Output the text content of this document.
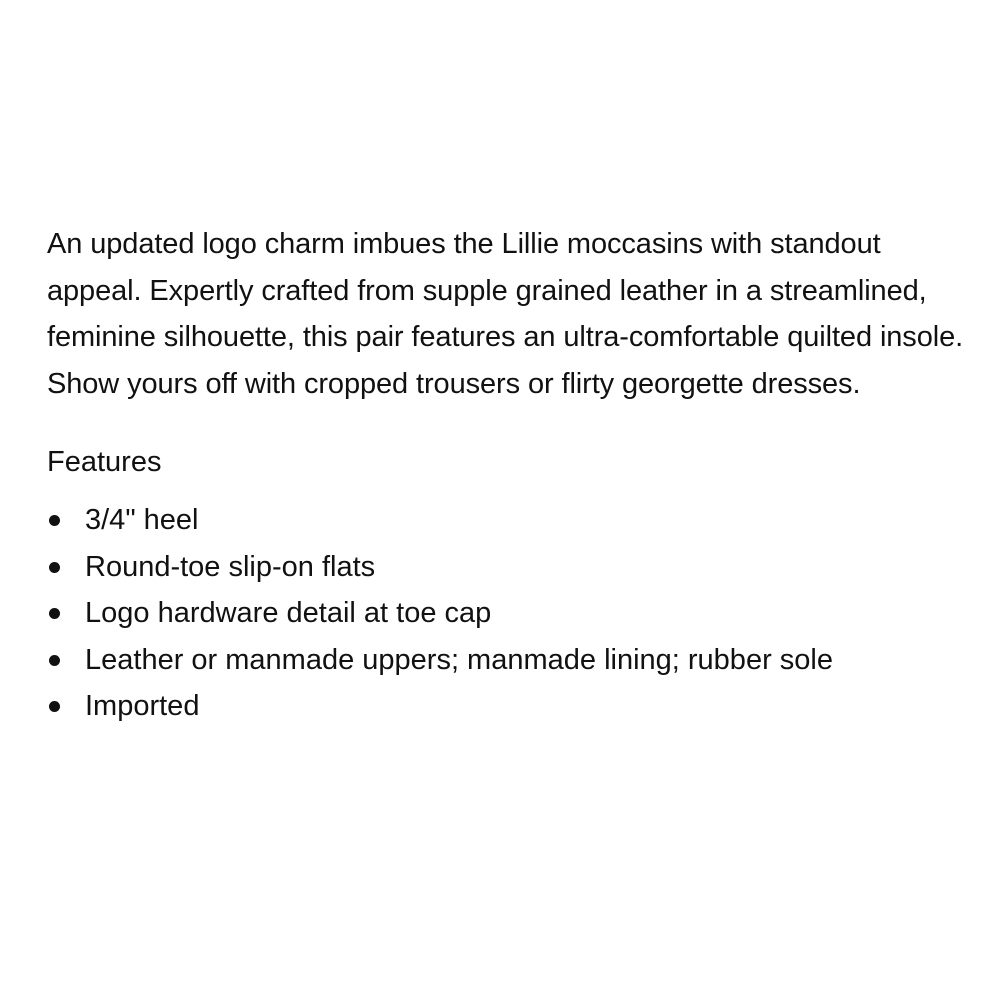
An updated logo charm imbues the Lillie moccasins with standout appeal. Expertly crafted from supple grained leather in a streamlined, feminine silhouette, this pair features an ultra-comfortable quilted insole. Show yours off with cropped trousers or flirty georgette dresses.

Features
3/4" heel
Round-toe slip-on flats
Logo hardware detail at toe cap
Leather or manmade uppers; manmade lining; rubber sole
Imported
